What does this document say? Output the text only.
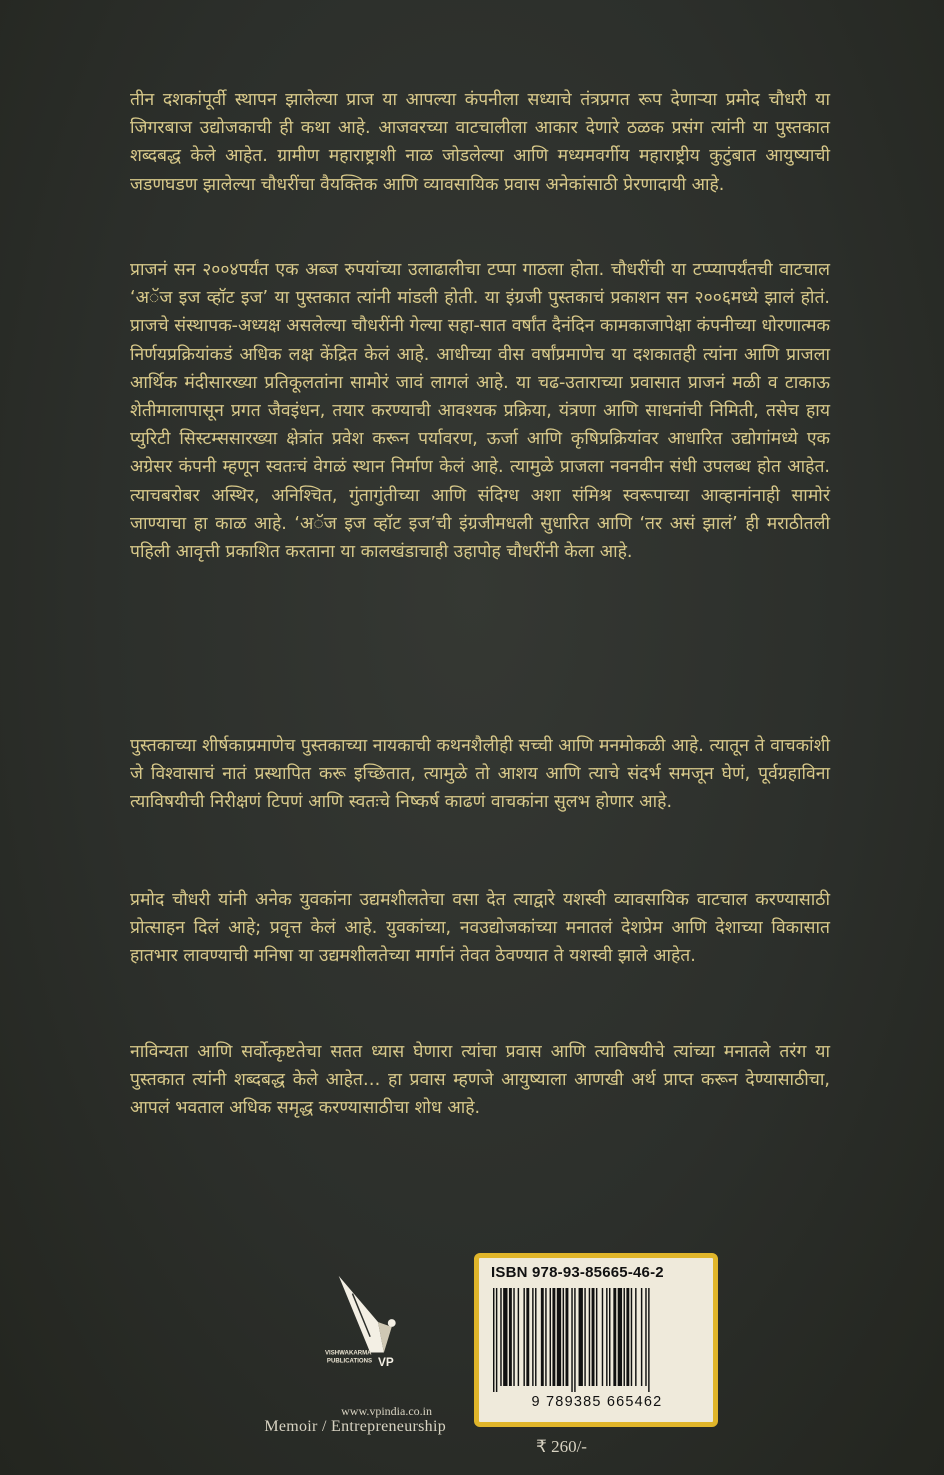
तीन दशकांपूर्वी स्थापन झालेल्या प्राज या आपल्या कंपनीला सध्याचे तंत्रप्रगत रूप देणाऱ्या प्रमोद चौधरी या जिगरबाज उद्योजकाची ही कथा आहे. आजवरच्या वाटचालीला आकार देणारे ठळक प्रसंग त्यांनी या पुस्तकात शब्दबद्ध केले आहेत. ग्रामीण महाराष्ट्राशी नाळ जोडलेल्या आणि मध्यमवर्गीय महाराष्ट्रीय कुटुंबात आयुष्याची जडणघडण झालेल्या चौधरींचा वैयक्तिक आणि व्यावसायिक प्रवास अनेकांसाठी प्रेरणादायी आहे.

प्राजनं सन २००४पर्यंत एक अब्ज रुपयांच्या उलाढालीचा टप्पा गाठला होता. चौधरींची या टप्प्यापर्यंतची वाटचाल ‘अॅज इज व्हॉट इज’ या पुस्तकात त्यांनी मांडली होती. या इंग्रजी पुस्तकाचं प्रकाशन सन २००६मध्ये झालं होतं. प्राजचे संस्थापक-अध्यक्ष असलेल्या चौधरींनी गेल्या सहा-सात वर्षांत दैनंदिन कामकाजापेक्षा कंपनीच्या धोरणात्मक निर्णयप्रक्रियांकडं अधिक लक्ष केंद्रित केलं आहे. आधीच्या वीस वर्षांप्रमाणेच या दशकातही त्यांना आणि प्राजला आर्थिक मंदीसारख्या प्रतिकूलतांना सामोरं जावं लागलं आहे. या चढ-उताराच्या प्रवासात प्राजनं मळी व टाकाऊ शेतीमालापासून प्रगत जैवइंधन, तयार करण्याची आवश्यक प्रक्रिया, यंत्रणा आणि साधनांची निमिती, तसेच हाय प्युरिटी सिस्टम्ससारख्या क्षेत्रांत प्रवेश करून पर्यावरण, ऊर्जा आणि कृषिप्रक्रियांवर आधारित उद्योगांमध्ये एक अग्रेसर कंपनी म्हणून स्वतःचं वेगळं स्थान निर्माण केलं आहे. त्यामुळे प्राजला नवनवीन संधी उपलब्ध होत आहेत. त्याचबरोबर अस्थिर, अनिश्चित, गुंतागुंतीच्या आणि संदिग्ध अशा संमिश्र स्वरूपाच्या आव्हानांनाही सामोरं जाण्याचा हा काळ आहे. ‘अॅज इज व्हॉट इज’ची इंग्रजीमधली सुधारित आणि ‘तर असं झालं’ ही मराठीतली पहिली आवृत्ती प्रकाशित करताना या कालखंडाचाही उहापोह चौधरींनी केला आहे.

पुस्तकाच्या शीर्षकाप्रमाणेच पुस्तकाच्या नायकाची कथनशैलीही सच्ची आणि मनमोकळी आहे. त्यातून ते वाचकांशी जे विश्वासाचं नातं प्रस्थापित करू इच्छितात, त्यामुळे तो आशय आणि त्याचे संदर्भ समजून घेणं, पूर्वग्रहाविना त्याविषयीची निरीक्षणं टिपणं आणि स्वतःचे निष्कर्ष काढणं वाचकांना सुलभ होणार आहे.

प्रमोद चौधरी यांनी अनेक युवकांना उद्यमशीलतेचा वसा देत त्याद्वारे यशस्वी व्यावसायिक वाटचाल करण्यासाठी प्रोत्साहन दिलं आहे; प्रवृत्त केलं आहे. युवकांच्या, नवउद्योजकांच्या मनातलं देशप्रेम आणि देशाच्या विकासात हातभार लावण्याची मनिषा या उद्यमशीलतेच्या मार्गानं तेवत ठेवण्यात ते यशस्वी झाले आहेत.

नाविन्यता आणि सर्वोत्कृष्टतेचा सतत ध्यास घेणारा त्यांचा प्रवास आणि त्याविषयीचे त्यांच्या मनातले तरंग या पुस्तकात त्यांनी शब्दबद्ध केले आहेत… हा प्रवास म्हणजे आयुष्याला आणखी अर्थ प्राप्त करून देण्यासाठीचा, आपलं भवताल अधिक समृद्ध करण्यासाठीचा शोध आहे.

VISHWAKARMA
PUBLICATIONS VP
www.vpindia.co.in
Memoir / Entrepreneurship
ISBN 978-93-85665-46-2
9 789385 665462
₹ 260/-
